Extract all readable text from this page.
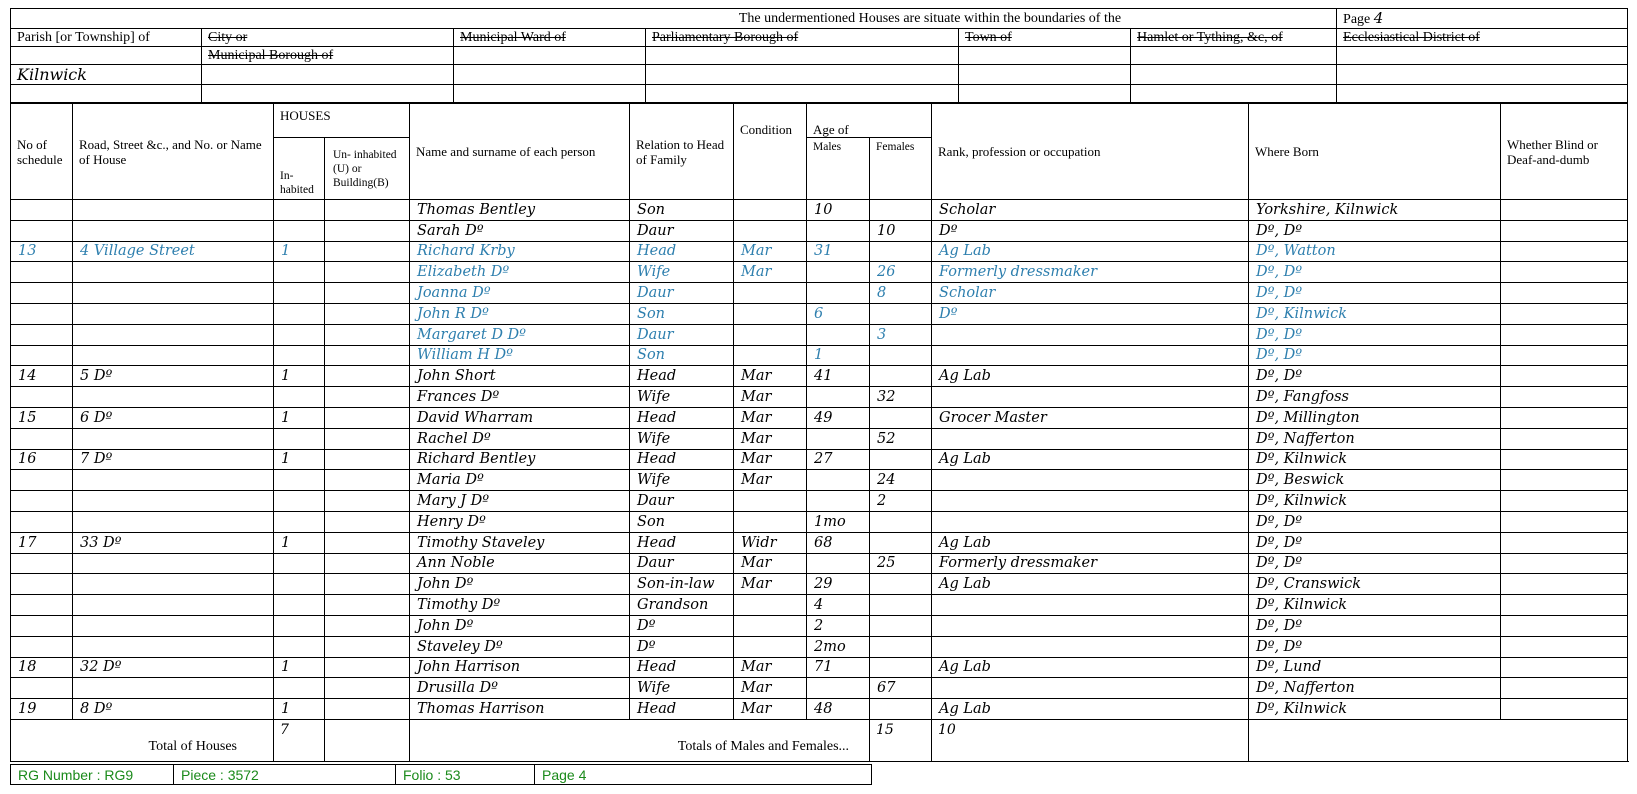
The undermentioned Houses are situate within the boundaries of the						Page 4
Parish [or Township] of	City or	Municipal Ward of	Parliamentary Borough of	Town of	Hamlet or Tything, &c, of	Ecclesiastical District of
	Municipal Borough of					
Kilnwick						

No of schedule	Road, Street &c., and No. or Name of House	HOUSES		Name and surname of each person	Relation to Head of Family	Condition	Age of		Rank, profession or occupation	Where Born	Whether Blind or Deaf-and-dumb
		In- habited	Un- inhabited (U) or Building(B)				Males	Females			
				Thomas Bentley	Son		10		Scholar	Yorkshire, Kilnwick	
				Sarah Dº	Daur			10	Dº	Dº, Dº	
13	4 Village Street	1		Richard Krby	Head	Mar	31		Ag Lab	Dº, Watton	
				Elizabeth Dº	Wife	Mar		26	Formerly dressmaker	Dº, Dº	
				Joanna Dº	Daur			8	Scholar	Dº, Dº	
				John R Dº	Son		6		Dº	Dº, Kilnwick	
				Margaret D Dº	Daur			3		Dº, Dº	
				William H Dº	Son		1			Dº, Dº	
14	5 Dº	1		John Short	Head	Mar	41		Ag Lab	Dº, Dº	
				Frances Dº	Wife	Mar		32		Dº, Fangfoss	
15	6 Dº	1		David Wharram	Head	Mar	49		Grocer Master	Dº, Millington	
				Rachel Dº	Wife	Mar		52		Dº, Nafferton	
16	7 Dº	1		Richard Bentley	Head	Mar	27		Ag Lab	Dº, Kilnwick	
				Maria Dº	Wife	Mar		24		Dº, Beswick	
				Mary J Dº	Daur			2		Dº, Kilnwick	
				Henry Dº	Son		1mo			Dº, Dº	
17	33 Dº	1		Timothy Staveley	Head	Widr	68		Ag Lab	Dº, Dº	
				Ann Noble	Daur	Mar		25	Formerly dressmaker	Dº, Dº	
				John Dº	Son-in-law	Mar	29		Ag Lab	Dº, Cranswick	
				Timothy Dº	Grandson		4			Dº, Kilnwick	
				John Dº	Dº		2			Dº, Dº	
				Staveley Dº	Dº		2mo			Dº, Dº	
18	32 Dº	1		John Harrison	Head	Mar	71		Ag Lab	Dº, Lund	
				Drusilla Dº	Wife	Mar		67		Dº, Nafferton	
19	8 Dº	1		Thomas Harrison	Head	Mar	48		Ag Lab	Dº, Kilnwick	
Total of Houses		7		Totals of Males and Females...				15	10		
RG Number : RG9	Piece : 3572	Folio : 53	Page 4
